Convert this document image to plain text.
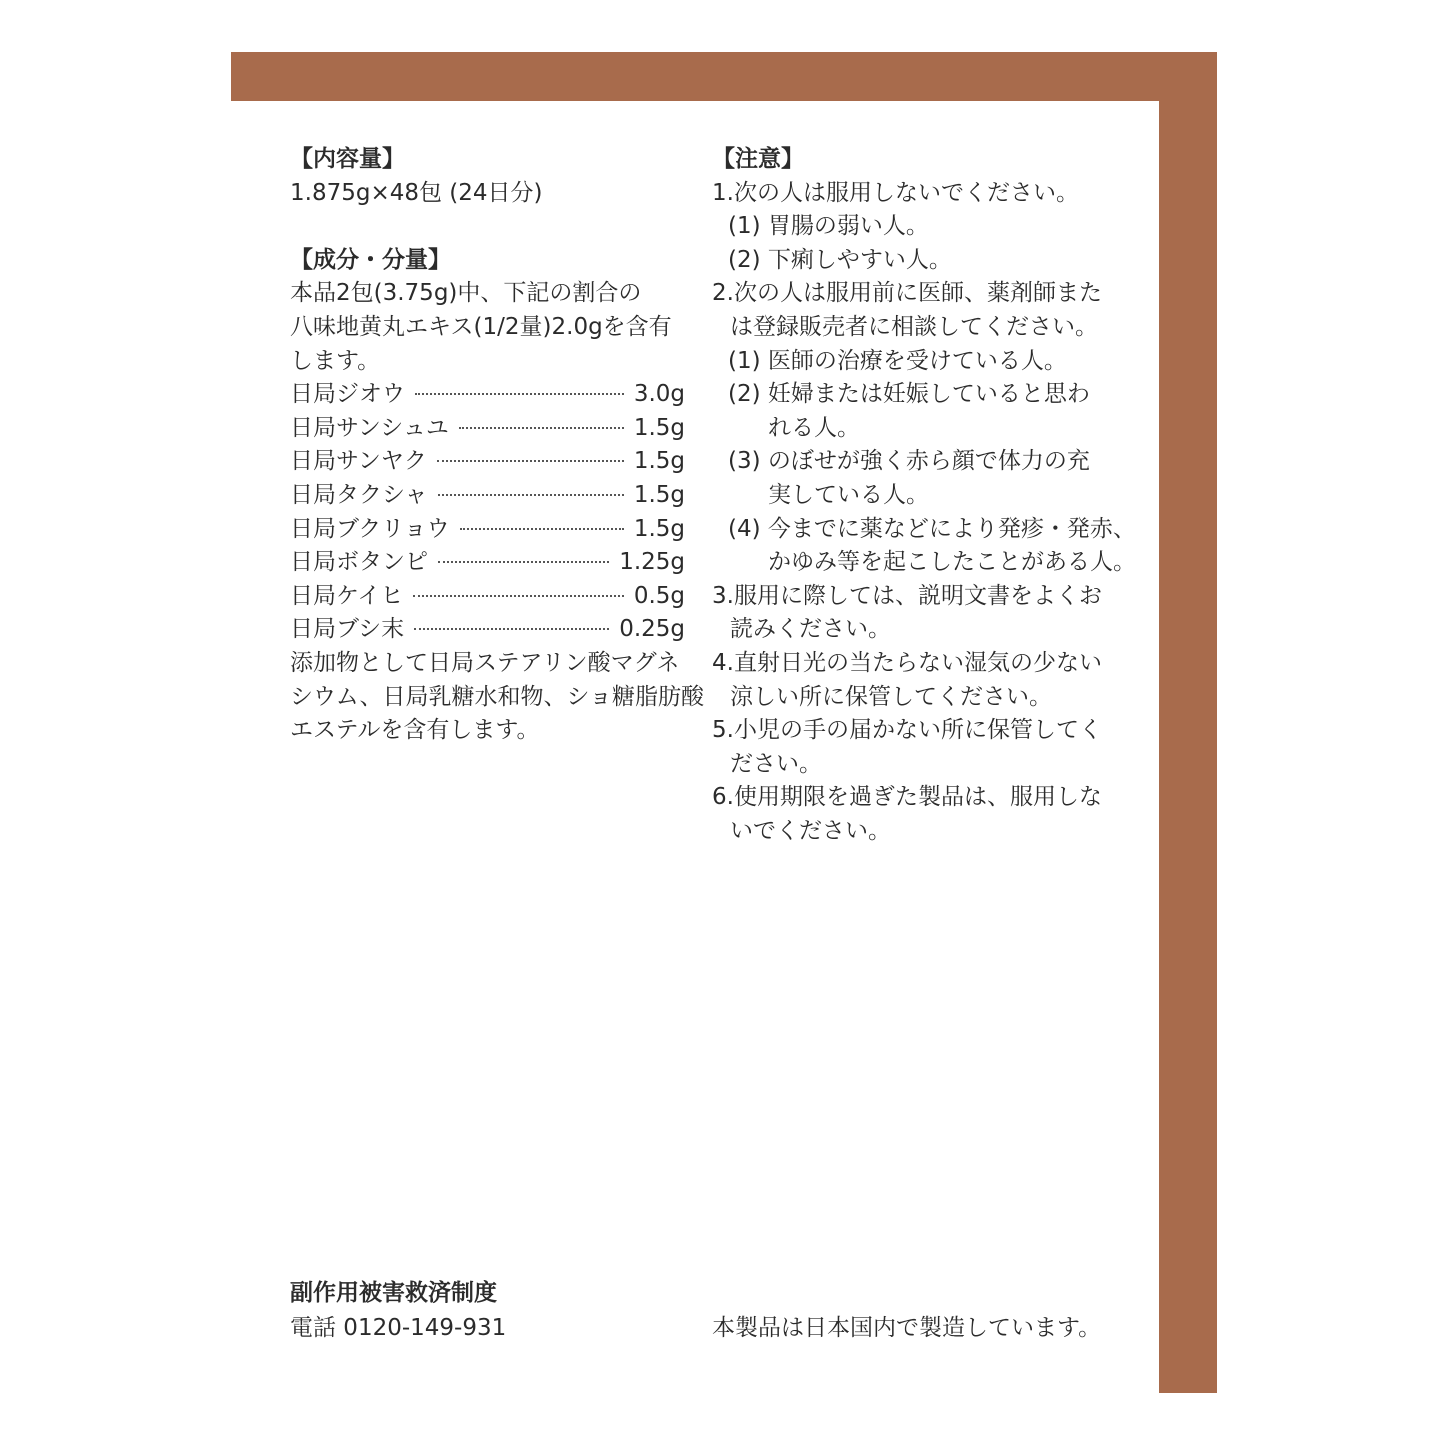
【内容量】
1.875g×48包 (24日分)
【成分・分量】
本品2包(3.75g)中、下記の割合の
八味地黄丸エキス(1/2量)2.0gを含有
します。
日局ジオウ	3.0g
日局サンシュユ	1.5g
日局サンヤク	1.5g
日局タクシャ	1.5g
日局ブクリョウ	1.5g
日局ボタンピ	1.25g
日局ケイヒ	0.5g
日局ブシ末	0.25g
添加物として日局ステアリン酸マグネ
シウム、日局乳糖水和物、ショ糖脂肪酸
エステルを含有します。
【注意】
1.次の人は服用しないでください。
(1) 胃腸の弱い人。
(2) 下痢しやすい人。
2.次の人は服用前に医師、薬剤師また
は登録販売者に相談してください。
(1) 医師の治療を受けている人。
(2) 妊婦または妊娠していると思わ
れる人。
(3) のぼせが強く赤ら顔で体力の充
実している人。
(4) 今までに薬などにより発疹・発赤、
かゆみ等を起こしたことがある人。
3.服用に際しては、説明文書をよくお
読みください。
4.直射日光の当たらない湿気の少ない
涼しい所に保管してください。
5.小児の手の届かない所に保管してく
ださい。
6.使用期限を過ぎた製品は、服用しな
いでください。
副作用被害救済制度
電話 0120-149-931	本製品は日本国内で製造しています。
